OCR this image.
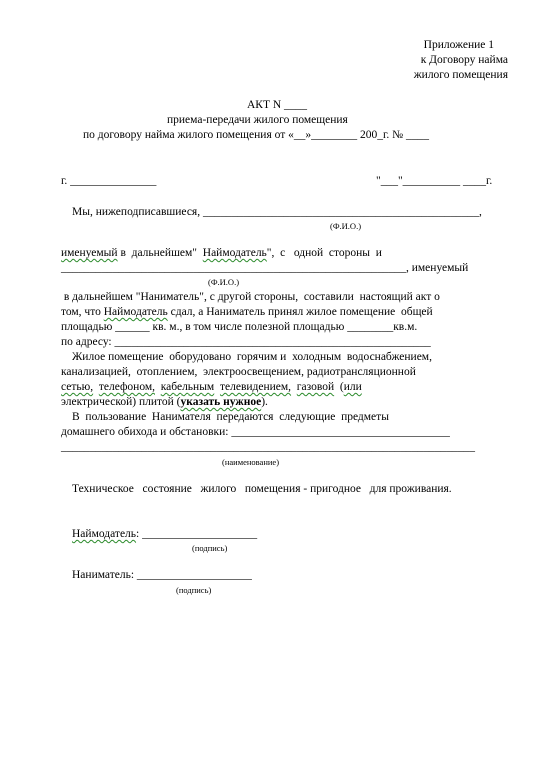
Приложение 1
к Договору найма
жилого помещения
АКТ N ____
приема-передачи жилого помещения
по договору найма жилого помещения от «__»________ 200_г. № ____
г. _______________	"___"__________ ____г.
Мы, нижеподписавшиеся, ________________________________________________,
(Ф.И.О.)
именуемый в  дальнейшем"  Наймодатель",  с   одной  стороны  и
____________________________________________________________, именуемый
(Ф.И.О.)
в дальнейшем "Наниматель", с другой стороны,  составили  настоящий акт о
том, что Наймодатель сдал, а Наниматель принял жилое помещение  общей
площадью ______ кв. м., в том числе полезной площадью ________кв.м.
по адресу: _______________________________________________________
Жилое помещение  оборудовано  горячим и  холодным  водоснабжением,
канализацией,  отоплением,  электроосвещением, радиотрансляционной
сетью, телефоном, кабельным телевидением, газовой  (или
электрической) плитой (указать нужное).
В  пользование  Нанимателя  передаются  следующие  предметы
домашнего обихода и обстановки: ______________________________________
________________________________________________________________________
(наименование)
Техническое   состояние   жилого   помещения - пригодное   для проживания.
Наймодатель: ____________________
(подпись)
Наниматель: ____________________
(подпись)
